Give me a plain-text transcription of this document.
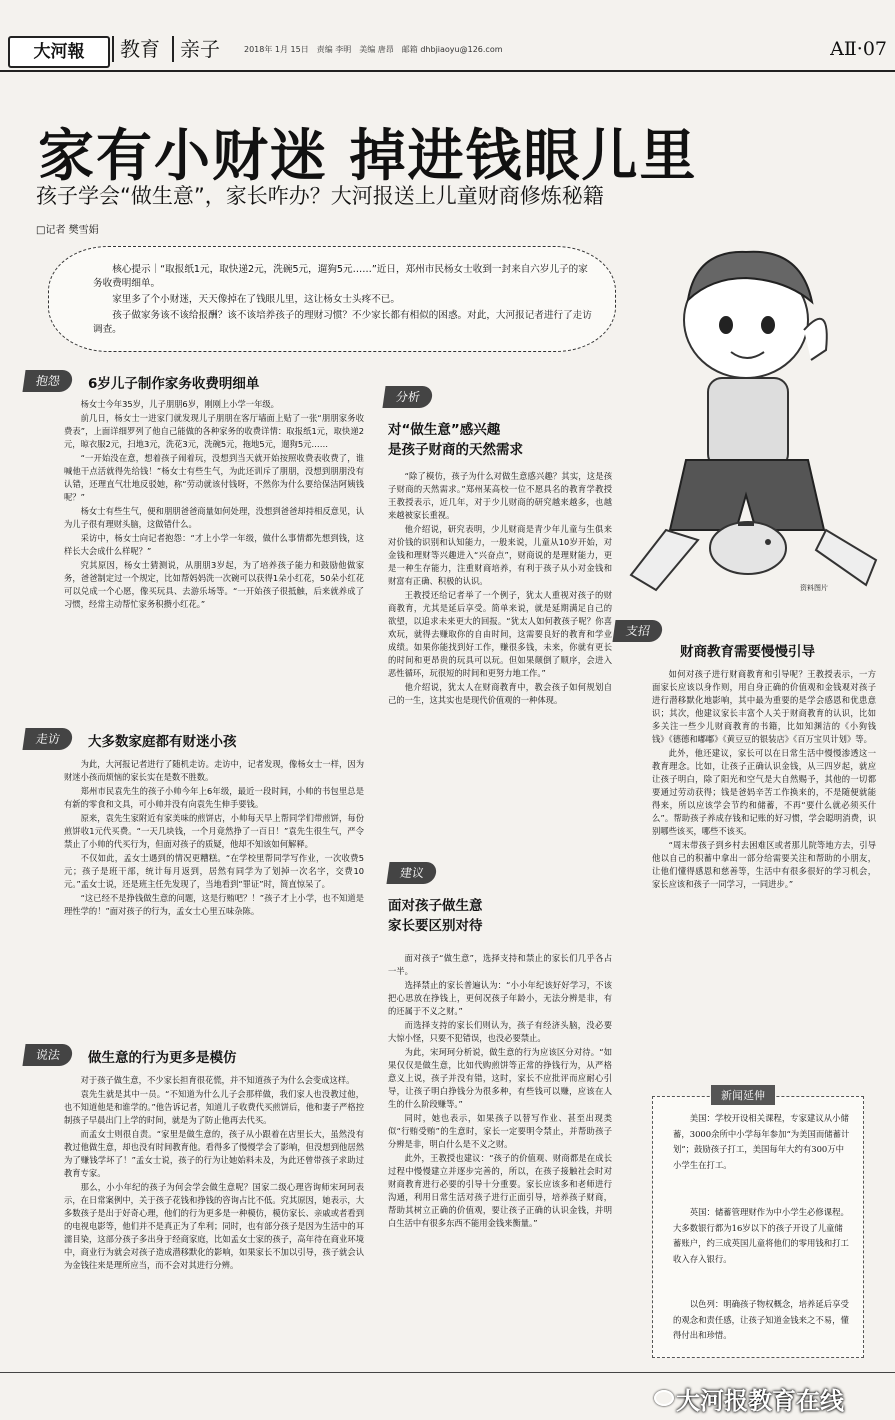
大河報	教育	亲子	2018年 1月 15日　责编 李明　美编 唐昂　邮箱 dhbjiaoyu@126.com	AⅡ·07
家有小财迷 掉进钱眼儿里
孩子学会“做生意”，家长咋办？大河报送上儿童财商修炼秘籍
□记者 樊雪娟

核心提示｜“取报纸1元，取快递2元，洗碗5元，遛狗5元……”近日，郑州市民杨女士收到一封来自六岁儿子的家务收费明细单。

家里多了个小财迷，天天像掉在了钱眼儿里，这让杨女士头疼不已。

孩子做家务该不该给报酬？该不该培养孩子的理财习惯？不少家长都有相似的困惑。对此，大河报记者进行了走访调查。

资料图片
抱怨	6岁儿子制作家务收费明细单

杨女士今年35岁，儿子朋朋6岁，刚刚上小学一年级。

前几日，杨女士一进家门就发现儿子朋朋在客厅墙面上贴了一张“朋朋家务收费表”，上面详细罗列了他自己能做的各种家务的收费详情：取报纸1元，取快递2元，晾衣服2元，扫地3元，洗花3元，洗碗5元，拖地5元，遛狗5元……

“一开始没在意，想着孩子闹着玩，没想到当天就开始按照收费表收费了，谁喊他干点活就得先给钱！”杨女士有些生气，为此还训斥了朋朋，没想到朋朋没有认错，还理直气壮地反驳她，称“劳动就该付钱呀，不然你为什么要给保洁阿姨钱呢？”

杨女士有些生气，便和朋朋爸爸商量如何处理，没想到爸爸却持相反意见，认为儿子很有理财头脑，这做错什么。

采访中，杨女士向记者抱怨：“才上小学一年级，做什么事情都先想到钱，这样长大会成什么样呢？”

究其原因，杨女士猜测说，从朋朋3岁起，为了培养孩子能力和鼓励他做家务，爸爸制定过一个规定，比如帮妈妈洗一次碗可以获得1朵小红花，50朵小红花可以兑成一个心愿，像买玩具、去游乐场等。“一开始孩子很抵触，后来就养成了习惯，经常主动帮忙家务积攒小红花。”

走访	大多数家庭都有财迷小孩

为此，大河报记者进行了随机走访。走访中，记者发现，像杨女士一样，因为财迷小孩而烦恼的家长实在是数不胜数。

郑州市民袁先生的孩子小帅今年上6年级，最近一段时间，小帅的书包里总是有新的零食和文具，可小帅并没有向袁先生伸手要钱。

原来，袁先生家附近有家美味的煎饼店，小帅每天早上帮同学们带煎饼，每份煎饼收1元代买费。“一天几块钱，一个月竟然挣了一百日！”袁先生很生气，严令禁止了小帅的代买行为，但面对孩子的质疑，他却不知该如何解释。

不仅如此，孟女士遇到的情况更糟糕。“在学校里帮同学写作业，一次收费5元；孩子是班干部，统计每月返到，居然有同学为了划掉一次名字，交费10元。”孟女士说，还是班主任先发现了，当地看到“罪证”时，简直惊呆了。

“这已经不是挣钱做生意的问题，这是行贿吧？！”孩子才上小学，也不知道是理性学的！”面对孩子的行为，孟女士心里五味杂陈。

说法	做生意的行为更多是模仿

对于孩子做生意，不少家长担育很花慌，并不知道孩子为什么会变成这样。

袁先生就是其中一员。“不知道为什么儿子会那样做，我们家人也没教过他，也不知道他是和谁学的。”他告诉记者，知道儿子收费代买煎饼后，他和妻子严格控制孩子早晨出门上学的时间，就是为了防止他再去代买。

而孟女士则很自责。“家里是做生意的，孩子从小跟着在店里长大，虽然没有教过他做生意，却也没有时间教育他。看得多了慢慢学会了影响，但没想到他居然为了赚钱学坏了！”孟女士说，孩子的行为让她始料未及，为此还曾带孩子求助过教育专家。

那么，小小年纪的孩子为何会学会做生意呢？国家二级心理咨询师宋珂珂表示，在日常案例中，关于孩子花钱和挣钱的咨询占比不低。究其原因，她表示，大多数孩子是出于好奇心理，他们的行为更多是一种模仿，模仿家长、亲戚或者看到的电视电影等，他们并不是真正为了牟利；同时，也有部分孩子是因为生活中的耳濡目染，这部分孩子多出身于经商家庭，比如孟女士家的孩子，高年待在商业环境中，商业行为就会对孩子造成潜移默化的影响，如果家长不加以引导，孩子就会认为金钱往来是理所应当，而不会对其进行分辨。

分析
对“做生意”感兴趣
是孩子财商的天然需求

“除了模仿，孩子为什么对做生意感兴趣？其实，这是孩子财商的天然需求。”郑州某高校一位不愿具名的教育学教授王教授表示，近几年，对于少儿财商的研究越来越多，也越来越被家长重视。

他介绍说，研究表明，少儿财商是青少年儿童与生俱来对价钱的识别和认知能力，一般来说，儿童从10岁开始，对金钱和理财等兴趣进入“兴奋点”，财商说的是理财能力，更是一种生存能力，注重财商培养，有利于孩子从小对金钱和财富有正确、积极的认识。

王教授还给记者举了一个例子，犹太人重视对孩子的财商教育，尤其是延后享受。简单来说，就是延期满足自己的欲望，以追求未来更大的回报。“犹太人如何教孩子呢？你喜欢玩，就得去赚取你的自由时间，这需要良好的教育和学业成绩。如果你能找到好工作，赚很多钱，未来，你就有更长的时间和更昂贵的玩具可以玩。但如果颠倒了顺序，会进入恶性循环，玩很短的时间和更努力地工作。”

他介绍说，犹太人在财商教育中，教会孩子如何规划自己的一生，这其实也是现代价值观的一种体现。

建议
面对孩子做生意
家长要区别对待

面对孩子“做生意”，选择支持和禁止的家长们几乎各占一半。

选择禁止的家长普遍认为：“小小年纪该好好学习，不该把心思放在挣钱上，更何况孩子年龄小，无法分辨是非，有的还属于不义之财。”

而选择支持的家长们则认为，孩子有经济头脑，没必要大惊小怪，只要不犯错误，也没必要禁止。

为此，宋珂珂分析说，做生意的行为应该区分对待。“如果仅仅是做生意，比如代购煎饼等正常的挣钱行为，从严格意义上说，孩子并没有错，这时，家长不应批评而应耐心引导，让孩子明白挣钱分为很多种，有些钱可以赚，应该在人生的什么阶段赚等。”

同时，她也表示，如果孩子以替写作业、甚至出现类似“行贿受贿”的生意时，家长一定要明令禁止，并帮助孩子分辨是非，明白什么是不义之财。

此外，王教授也建议：“孩子的价值观、财商都是在成长过程中慢慢建立并逐步完善的，所以，在孩子接触社会时对财商教育进行必要的引导十分重要。家长应该多和老师进行沟通，利用日常生活对孩子进行正面引导，培养孩子财商，帮助其树立正确的价值观，要让孩子正确的认识金钱，并明白生活中有很多东西不能用金钱来衡量。”

支招
财商教育需要慢慢引导

如何对孩子进行财商教育和引导呢？王教授表示，一方面家长应该以身作则，用自身正确的价值观和金钱观对孩子进行潜移默化地影响，其中最为重要的是学会感恩和优患意识；其次，他建议家长丰富个人关于财商教育的认识，比如多关注一些少儿财商教育的书籍，比如知渊洁的《小狗钱钱》《德德和嘟嘟》《黄豆豆的银装店》《百万宝贝计划》等。

此外，他还建议，家长可以在日常生活中慢慢渗透这一教育理念。比如，让孩子正确认识金钱，从三四岁起，就应让孩子明白，除了阳光和空气是大自然赐予，其他的一切都要通过劳动获得；钱是爸妈辛苦工作换来的，不是随便就能得来，所以应该学会节约和储蓄，不再“要什么就必须买什么”。帮助孩子养成存钱和记账的好习惯，学会聪明消费，识别哪些该买，哪些不该买。

“周末带孩子到乡村去困难区或者那儿院等地方去，引导他以自己的积蓄中拿出一部分给需要关注和帮助的小朋友，让他们懂得感恩和慈善等，生活中有很多很好的学习机会，家长应该和孩子一同学习，一同进步。”

新闻延伸

美国：学校开设相关课程，专家建议从小储蓄，3000余所中小学每年参加“为美国而储蓄计划”；鼓励孩子打工，美国每年大约有300万中小学生在打工。

英国：储蓄管理财作为中小学生必修课程。大多数银行都为16岁以下的孩子开设了儿童储蓄账户，约三成英国儿童将他们的零用钱和打工收入存入银行。

以色列：明确孩子物权概念，培养延后享受的观念和责任感，让孩子知道金钱来之不易，懂得付出和珍惜。

大河报教育在线
